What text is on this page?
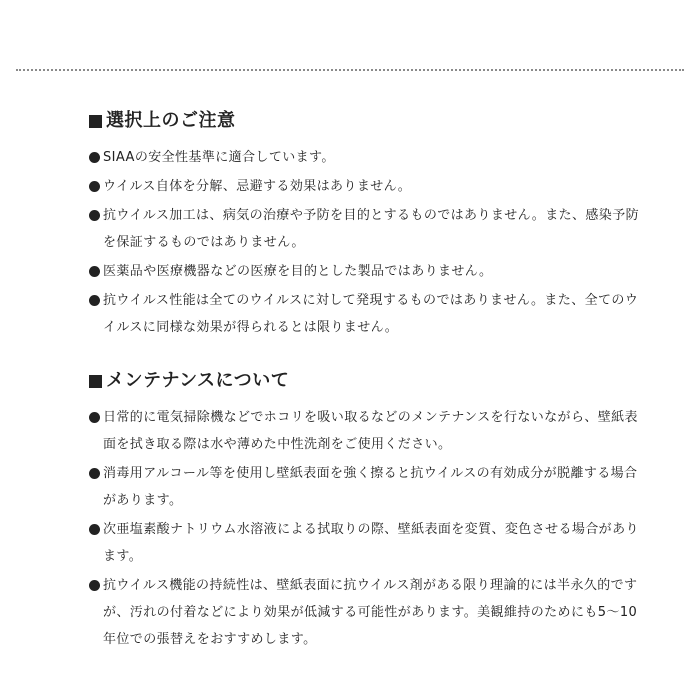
選択上のご注意
SIAAの安全性基準に適合しています。
ウイルス自体を分解、忌避する効果はありません。
抗ウイルス加工は、病気の治療や予防を目的とするものではありません。また、感染予防を保証するものではありません。
医薬品や医療機器などの医療を目的とした製品ではありません。
抗ウイルス性能は全てのウイルスに対して発現するものではありません。また、全てのウイルスに同様な効果が得られるとは限りません。
メンテナンスについて
日常的に電気掃除機などでホコリを吸い取るなどのメンテナンスを行ないながら、壁紙表面を拭き取る際は水や薄めた中性洗剤をご使用ください。
消毒用アルコール等を使用し壁紙表面を強く擦ると抗ウイルスの有効成分が脱離する場合があります。
次亜塩素酸ナトリウム水溶液による拭取りの際、壁紙表面を変質、変色させる場合があります。
抗ウイルス機能の持続性は、壁紙表面に抗ウイルス剤がある限り理論的には半永久的ですが、汚れの付着などにより効果が低減する可能性があります。美観維持のためにも5〜10年位での張替えをおすすめします。
